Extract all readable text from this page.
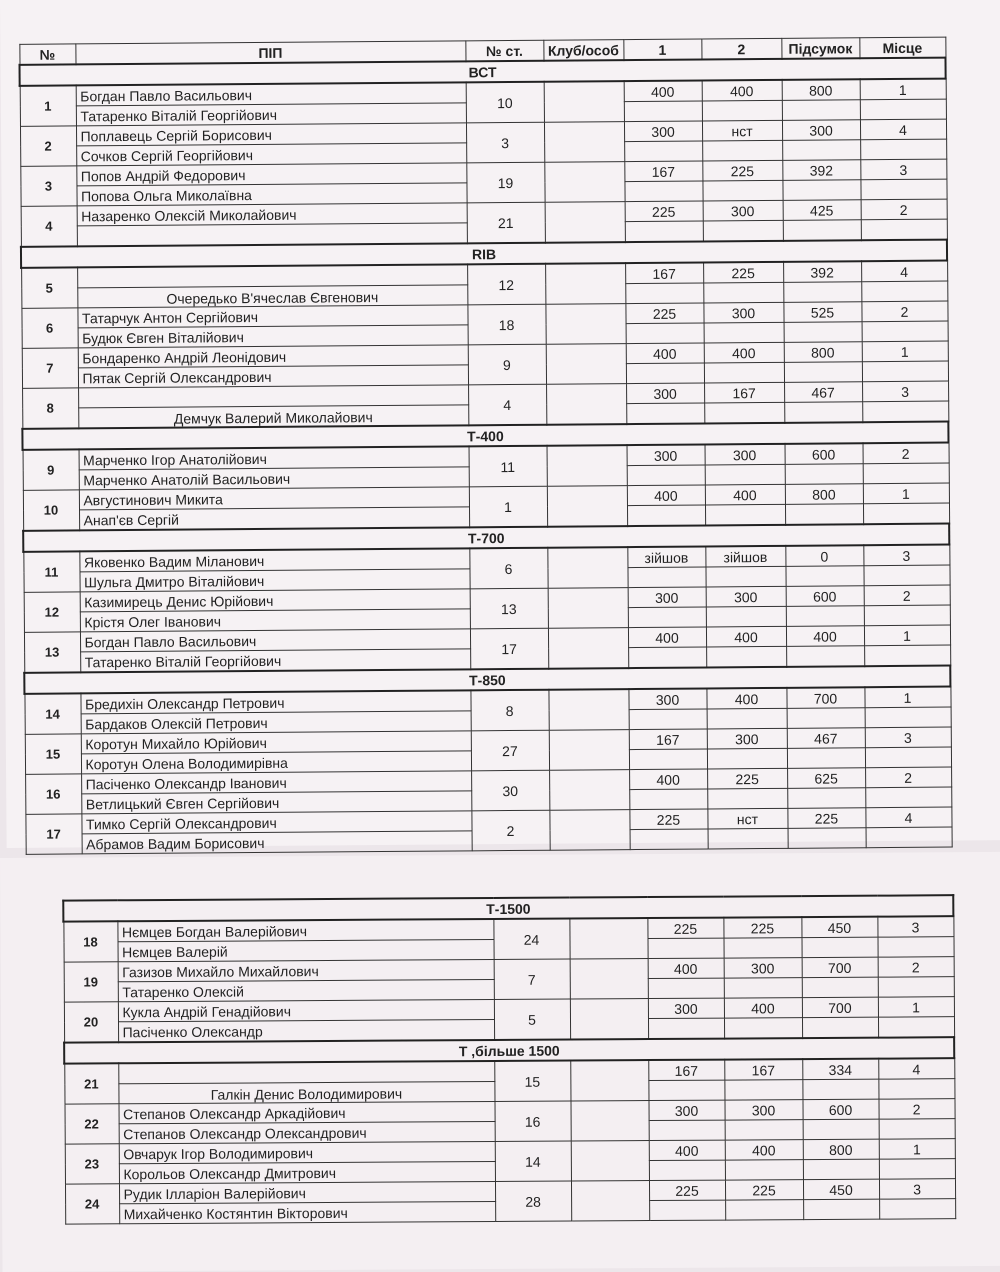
№	ПІП	№ ст.	Клуб/особ	1	2	Підсумок	Місце
ВСТ							
1	Богдан Павло Васильович	10		400	400	800	1
	Татаренко Віталій Георгійович						
2	Поплавець Сергій Борисович	3		300	нст	300	4
	Сочков Сергій Георгійович						
3	Попов Андрій Федорович	19		167	225	392	3
	Попова Ольга Миколаївна						
4	Назаренко Олексій Миколайович	21		225	300	425	2

RIB							
5		12		167	225	392	4
	Очередько В'ячеслав Євгенович						
6	Татарчук Антон Сергійович	18		225	300	525	2
	Будюк Євген Віталійович						
7	Бондаренко Андрій Леонідович	9		400	400	800	1
	Пятак Сергій Олександрович						
8		4		300	167	467	3
	Демчук Валерий Миколайович						
Т-400							
9	Марченко Ігор Анатолійович	11		300	300	600	2
	Марченко Анатолій Васильович						
10	Августинович Микита	1		400	400	800	1
	Анап'єв Сергій						
Т-700							
11	Яковенко Вадим Міланович	6		зійшов	зійшов	0	3
	Шульга Дмитро Віталійович						
12	Казимирець Денис Юрійович	13		300	300	600	2
	Крістя Олег Іванович						
13	Богдан Павло Васильович	17		400	400	400	1
	Татаренко Віталій Георгійович						
Т-850							
14	Бредихін Олександр Петрович	8		300	400	700	1
	Бардаков Олексій Петрович						
15	Коротун Михайло Юрійович	27		167	300	467	3
	Коротун Олена Володимирівна						
16	Пасіченко Олександр Іванович	30		400	225	625	2
	Ветлицький Євген Сергійович						
17	Тимко Сергій Олександрович	2		225	нст	225	4
	Абрамов Вадим Борисович						
Т-1500							
18	Нємцев Богдан Валерійович	24		225	225	450	3
	Нємцев Валерій						
19	Газизов Михайло Михайлович	7		400	300	700	2
	Татаренко Олексій						
20	Кукла Андрій Генадійович	5		300	400	700	1
	Пасіченко Олександр						
Т ,більше 1500							
21		15		167	167	334	4
	Галкін Денис Володимирович						
22	Степанов Олександр Аркадійович	16		300	300	600	2
	Степанов Олександр Олександрович						
23	Овчарук Ігор Володимирович	14		400	400	800	1
	Корольов Олександр Дмитрович						
24	Рудик Ілларіон Валерійович	28		225	225	450	3
	Михайченко Костянтин Вікторович						
